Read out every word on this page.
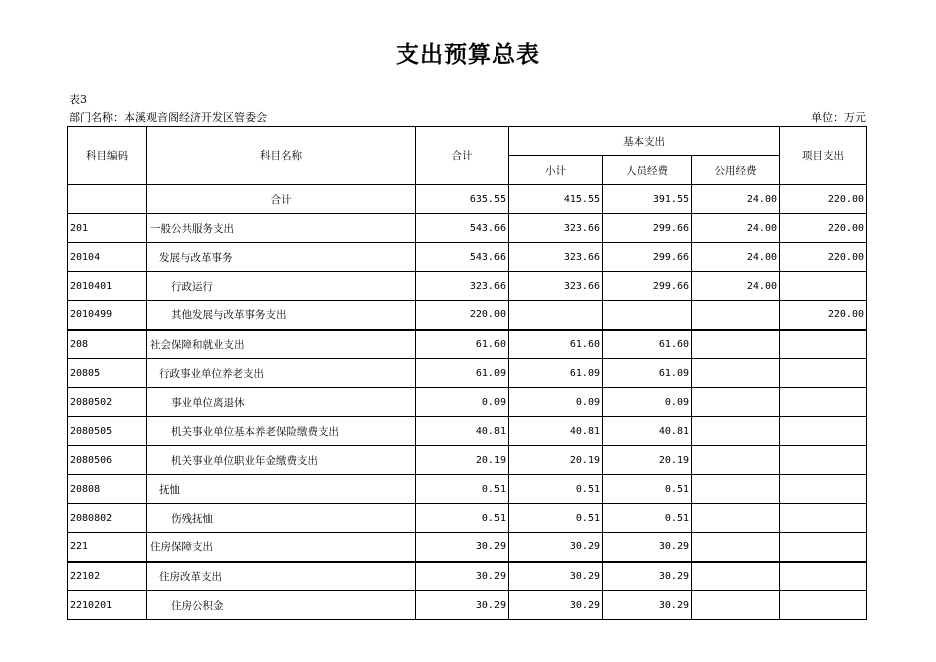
支出预算总表
表3
部门名称：本溪观音阁经济开发区管委会	单位：万元
科目编码	科目名称	合计	基本支出			项目支出
			小计	人员经费	公用经费	
	合计	635.55	415.55	391.55	24.00	220.00
201	一般公共服务支出	543.66	323.66	299.66	24.00	220.00
20104	发展与改革事务	543.66	323.66	299.66	24.00	220.00
2010401	行政运行	323.66	323.66	299.66	24.00	
2010499	其他发展与改革事务支出	220.00				220.00
208	社会保障和就业支出	61.60	61.60	61.60		
20805	行政事业单位养老支出	61.09	61.09	61.09		
2080502	事业单位离退休	0.09	0.09	0.09		
2080505	机关事业单位基本养老保险缴费支出	40.81	40.81	40.81		
2080506	机关事业单位职业年金缴费支出	20.19	20.19	20.19		
20808	抚恤	0.51	0.51	0.51		
2080802	伤残抚恤	0.51	0.51	0.51		
221	住房保障支出	30.29	30.29	30.29		
22102	住房改革支出	30.29	30.29	30.29		
2210201	住房公积金	30.29	30.29	30.29		
